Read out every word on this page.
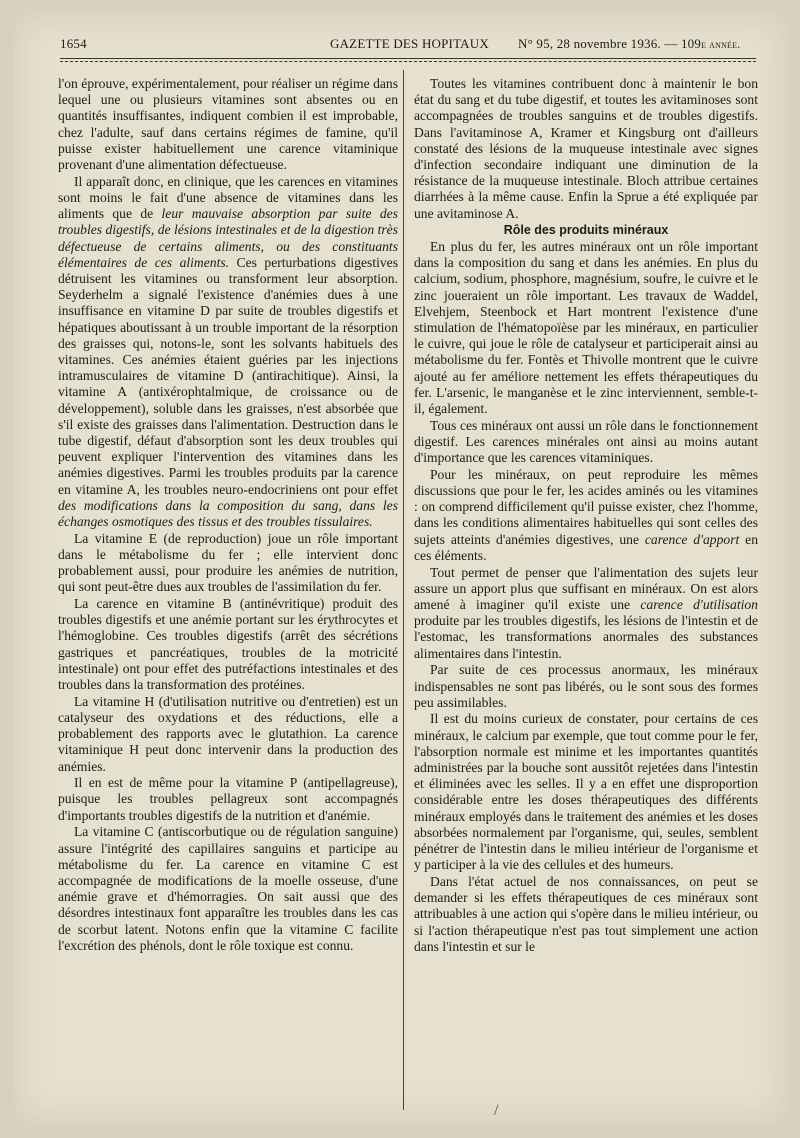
1654	GAZETTE DES HOPITAUX N° 95, 28 novembre 1936. — 109e année.

l'on éprouve, expérimentalement, pour réaliser un régime dans lequel une ou plusieurs vitamines sont absentes ou en quantités insuffisantes, indiquent combien il est improbable, chez l'adulte, sauf dans certains régimes de famine, qu'il puisse exister habituellement une carence vitaminique provenant d'une alimentation défectueuse.

Il apparaît donc, en clinique, que les carences en vitamines sont moins le fait d'une absence de vitamines dans les aliments que de leur mauvaise absorption par suite des troubles digestifs, de lésions intestinales et de la digestion très défectueuse de certains aliments, ou des constituants élémentaires de ces aliments. Ces perturbations digestives détruisent les vitamines ou transforment leur absorption. Seyderhelm a signalé l'existence d'anémies dues à une insuffisance en vitamine D par suite de troubles digestifs et hépatiques aboutissant à un trouble important de la résorption des graisses qui, notons-le, sont les solvants habituels des vitamines. Ces anémies étaient guéries par les injections intramusculaires de vitamine D (antirachitique). Ainsi, la vitamine A (antixérophtalmique, de croissance ou de développement), soluble dans les graisses, n'est absorbée que s'il existe des graisses dans l'alimentation. Destruction dans le tube digestif, défaut d'absorption sont les deux troubles qui peuvent expliquer l'intervention des vitamines dans les anémies digestives. Parmi les troubles produits par la carence en vitamine A, les troubles neuro-endocriniens ont pour effet des modifications dans la composition du sang, dans les échanges osmotiques des tissus et des troubles tissulaires.

La vitamine E (de reproduction) joue un rôle important dans le métabolisme du fer ; elle intervient donc probablement aussi, pour produire les anémies de nutrition, qui sont peut-être dues aux troubles de l'assimilation du fer.

La carence en vitamine B (antinévritique) produit des troubles digestifs et une anémie portant sur les érythrocytes et l'hémoglobine. Ces troubles digestifs (arrêt des sécrétions gastriques et pancréatiques, troubles de la motricité intestinale) ont pour effet des putréfactions intestinales et des troubles dans la transformation des protéines.

La vitamine H (d'utilisation nutritive ou d'entretien) est un catalyseur des oxydations et des réductions, elle a probablement des rapports avec le glutathion. La carence vitaminique H peut donc intervenir dans la production des anémies.

Il en est de même pour la vitamine P (antipellagreuse), puisque les troubles pellagreux sont accompagnés d'importants troubles digestifs de la nutrition et d'anémie.

La vitamine C (antiscorbutique ou de régulation sanguine) assure l'intégrité des capillaires sanguins et participe au métabolisme du fer. La carence en vitamine C est accompagnée de modifications de la moelle osseuse, d'une anémie grave et d'hémorragies. On sait aussi que des désordres intestinaux font apparaître les troubles dans les cas de scorbut latent. Notons enfin que la vitamine C facilite l'excrétion des phénols, dont le rôle toxique est connu.

Toutes les vitamines contribuent donc à maintenir le bon état du sang et du tube digestif, et toutes les avitaminoses sont accompagnées de troubles sanguins et de troubles digestifs. Dans l'avitaminose A, Kramer et Kingsburg ont d'ailleurs constaté des lésions de la muqueuse intestinale avec signes d'infection secondaire indiquant une diminution de la résistance de la muqueuse intestinale. Bloch attribue certaines diarrhées à la même cause. Enfin la Sprue a été expliquée par une avitaminose A.

Rôle des produits minéraux

En plus du fer, les autres minéraux ont un rôle important dans la composition du sang et dans les anémies. En plus du calcium, sodium, phosphore, magnésium, soufre, le cuivre et le zinc joueraient un rôle important. Les travaux de Waddel, Elvehjem, Steenbock et Hart montrent l'existence d'une stimulation de l'hématopoïèse par les minéraux, en particulier le cuivre, qui joue le rôle de catalyseur et participerait ainsi au métabolisme du fer. Fontès et Thivolle montrent que le cuivre ajouté au fer améliore nettement les effets thérapeutiques du fer. L'arsenic, le manganèse et le zinc interviennent, semble-t-il, également.

Tous ces minéraux ont aussi un rôle dans le fonctionnement digestif. Les carences minérales ont ainsi au moins autant d'importance que les carences vitaminiques.

Pour les minéraux, on peut reproduire les mêmes discussions que pour le fer, les acides aminés ou les vitamines : on comprend difficilement qu'il puisse exister, chez l'homme, dans les conditions alimentaires habituelles qui sont celles des sujets atteints d'anémies digestives, une carence d'apport en ces éléments.

Tout permet de penser que l'alimentation des sujets leur assure un apport plus que suffisant en minéraux. On est alors amené à imaginer qu'il existe une carence d'utilisation produite par les troubles digestifs, les lésions de l'intestin et de l'estomac, les transformations anormales des substances alimentaires dans l'intestin.

Par suite de ces processus anormaux, les minéraux indispensables ne sont pas libérés, ou le sont sous des formes peu assimilables.

Il est du moins curieux de constater, pour certains de ces minéraux, le calcium par exemple, que tout comme pour le fer, l'absorption normale est minime et les importantes quantités administrées par la bouche sont aussitôt rejetées dans l'intestin et éliminées avec les selles. Il y a en effet une disproportion considérable entre les doses thérapeutiques des différents minéraux employés dans le traitement des anémies et les doses absorbées normalement par l'organisme, qui, seules, semblent pénétrer de l'intestin dans le milieu intérieur de l'organisme et y participer à la vie des cellules et des humeurs.

Dans l'état actuel de nos connaissances, on peut se demander si les effets thérapeutiques de ces minéraux sont attribuables à une action qui s'opère dans le milieu intérieur, ou si l'action thérapeutique n'est pas tout simplement une action dans l'intestin et sur le

/
